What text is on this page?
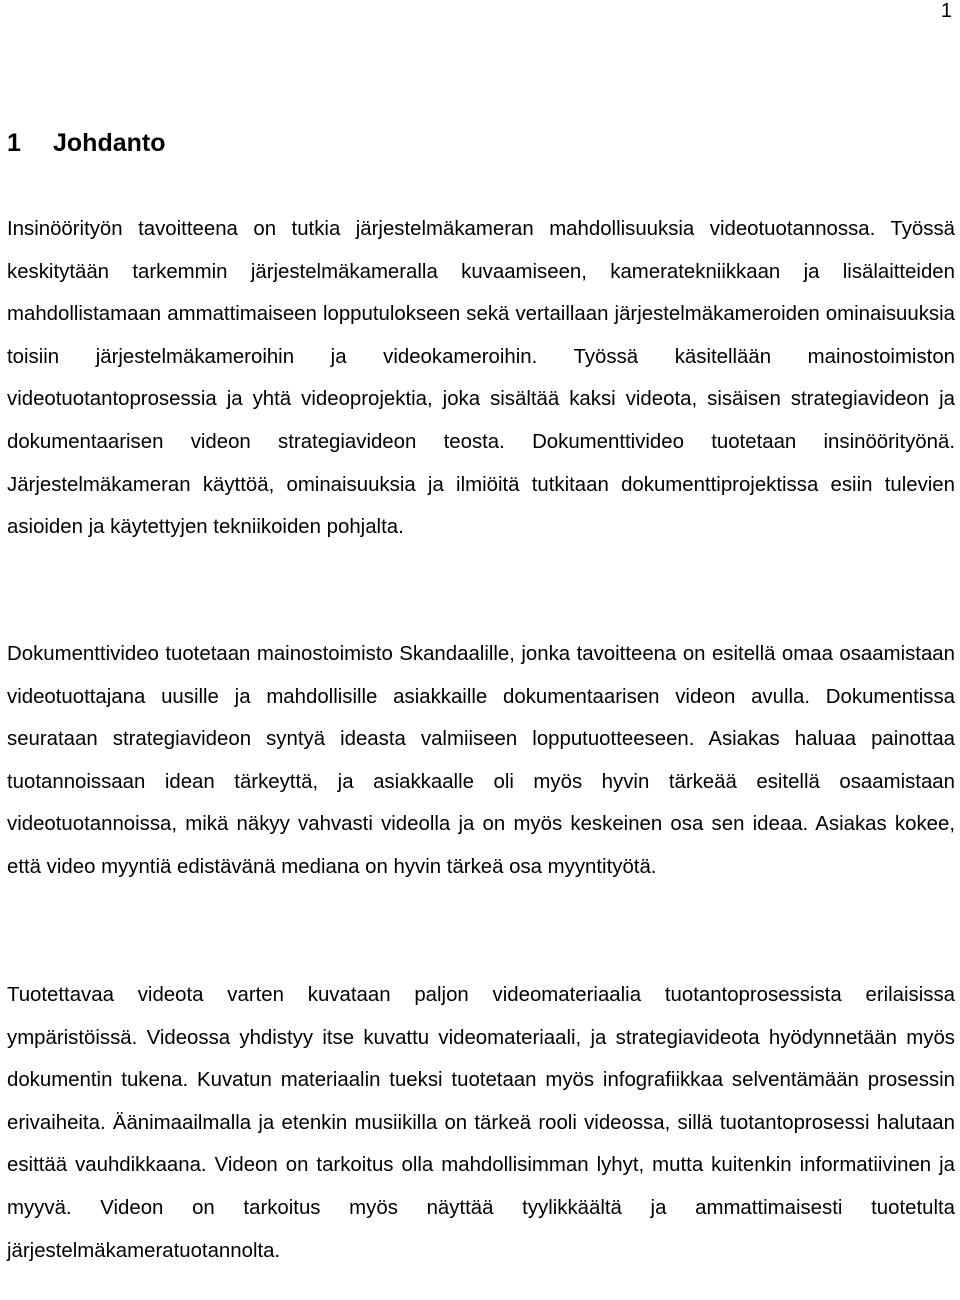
1
1 Johdanto

Insinöörityön tavoitteena on tutkia järjestelmäkameran mahdollisuuksia videotuotannossa. Työssä keskitytään tarkemmin järjestelmäkameralla kuvaamiseen, kameratekniikkaan ja lisälaitteiden mahdollistamaan ammattimaiseen lopputulokseen sekä vertaillaan järjestelmäkameroiden ominaisuuksia toisiin järjestelmäkameroihin ja videokameroihin. Työssä käsitellään mainostoimiston videotuotantoprosessia ja yhtä videoprojektia, joka sisältää kaksi videota, sisäisen strategiavideon ja dokumentaarisen videon strategiavideon teosta. Dokumenttivideo tuotetaan insinöörityönä. Järjestelmäkameran käyttöä, ominaisuuksia ja ilmiöitä tutkitaan dokumenttiprojektissa esiin tulevien asioiden ja käytettyjen tekniikoiden pohjalta.

Dokumenttivideo tuotetaan mainostoimisto Skandaalille, jonka tavoitteena on esitellä omaa osaamistaan videotuottajana uusille ja mahdollisille asiakkaille dokumentaarisen videon avulla. Dokumentissa seurataan strategiavideon syntyä ideasta valmiiseen lopputuotteeseen. Asiakas haluaa painottaa tuotannoissaan idean tärkeyttä, ja asiakkaalle oli myös hyvin tärkeää esitellä osaamistaan videotuotannoissa, mikä näkyy vahvasti videolla ja on myös keskeinen osa sen ideaa. Asiakas kokee, että video myyntiä edistävänä mediana on hyvin tärkeä osa myyntityötä.

Tuotettavaa videota varten kuvataan paljon videomateriaalia tuotantoprosessista erilaisissa ympäristöissä. Videossa yhdistyy itse kuvattu videomateriaali, ja strategiavideota hyödynnetään myös dokumentin tukena. Kuvatun materiaalin tueksi tuotetaan myös infografiikkaa selventämään prosessin erivaiheita. Äänimaailmalla ja etenkin musiikilla on tärkeä rooli videossa, sillä tuotantoprosessi halutaan esittää vauhdikkaana. Videon on tarkoitus olla mahdollisimman lyhyt, mutta kuitenkin informatiivinen ja myyvä. Videon on tarkoitus myös näyttää tyylikkäältä ja ammattimaisesti tuotetulta järjestelmäkameratuotannolta.
